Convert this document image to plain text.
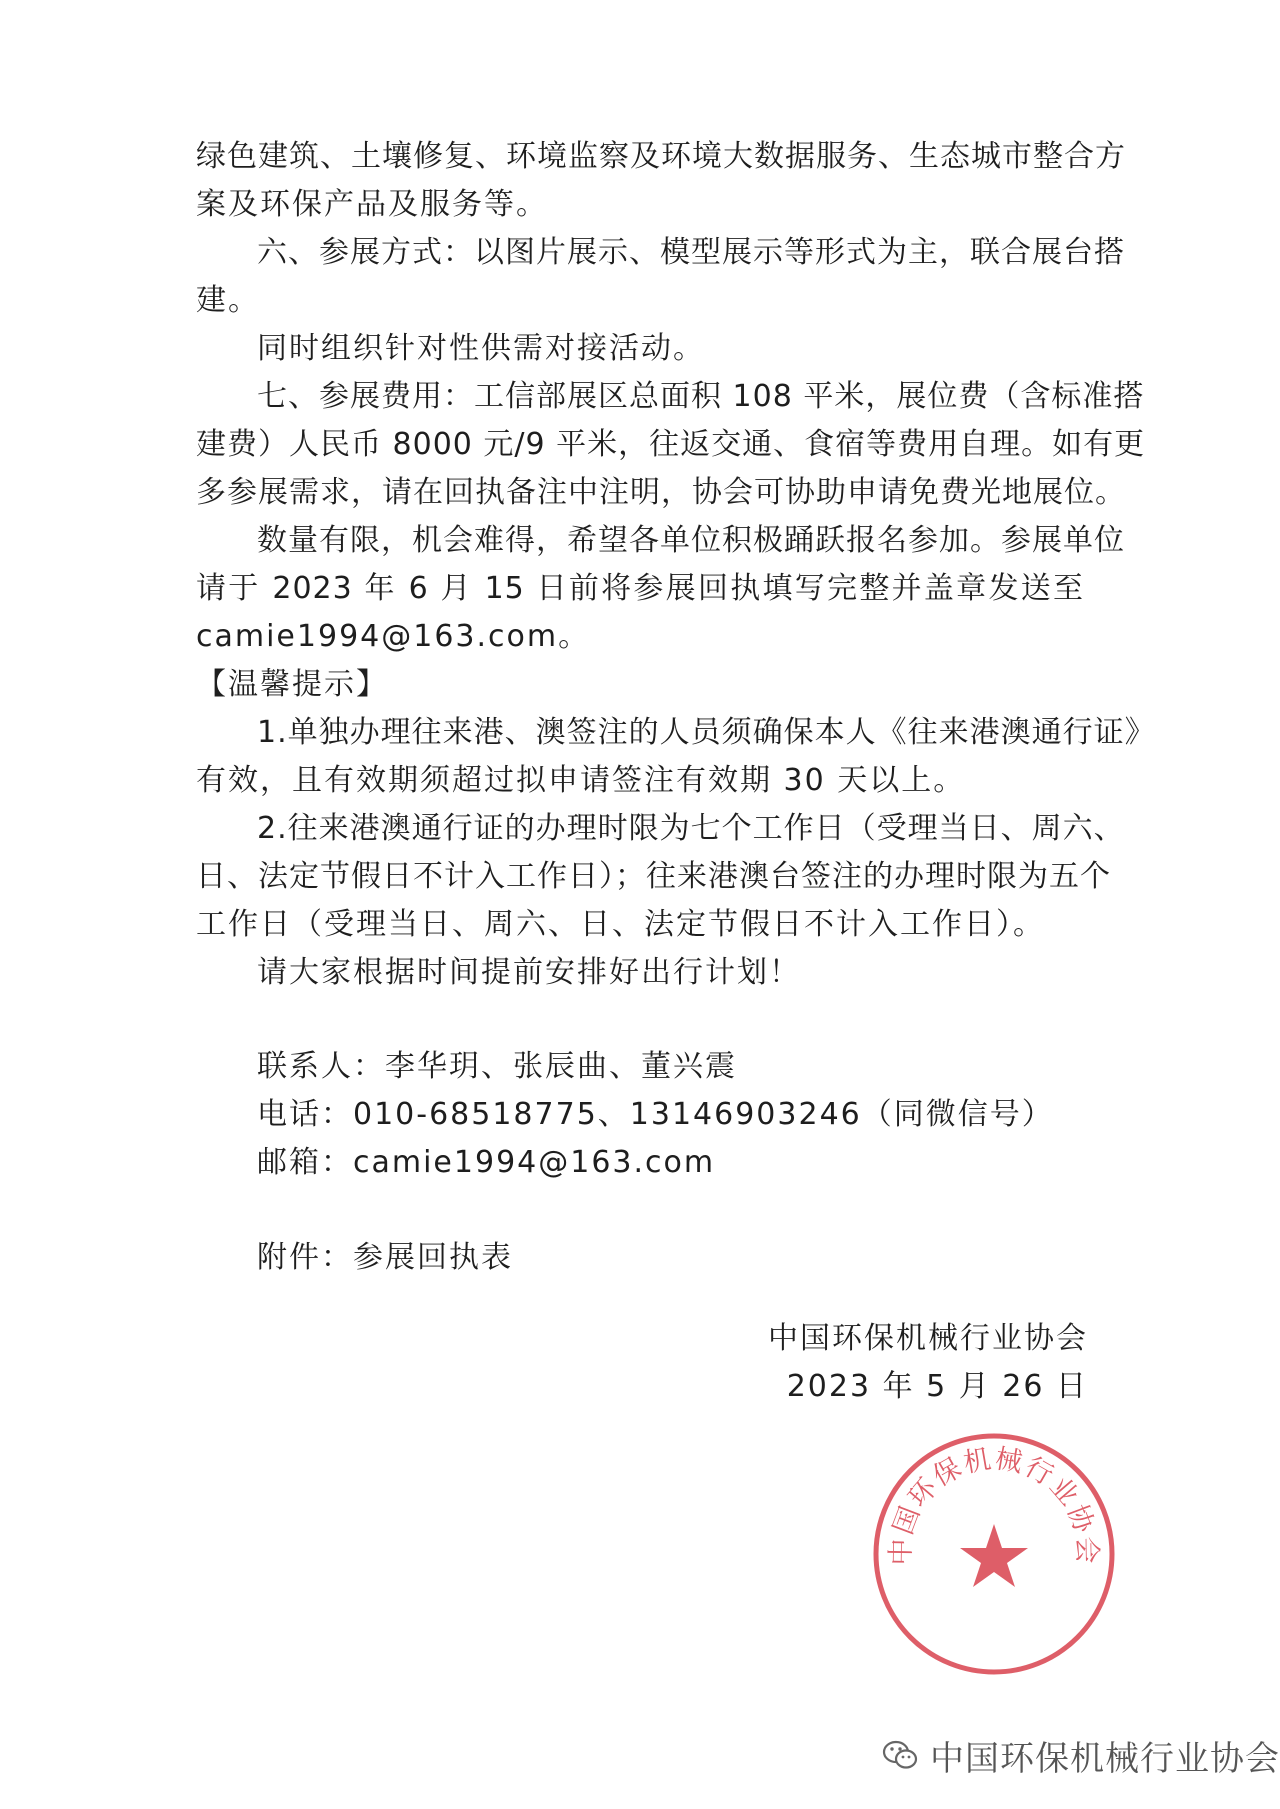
绿色建筑、土壤修复、环境监察及环境大数据服务、生态城市整合方

案及环保产品及服务等。

六、参展方式：以图片展示、模型展示等形式为主，联合展台搭

建。

同时组织针对性供需对接活动。

七、参展费用：工信部展区总面积 108 平米，展位费（含标准搭

建费）人民币 8000 元/9 平米，往返交通、食宿等费用自理。如有更

多参展需求，请在回执备注中注明，协会可协助申请免费光地展位。

数量有限，机会难得，希望各单位积极踊跃报名参加。参展单位

请于 2023 年 6 月 15 日前将参展回执填写完整并盖章发送至

camie1994@163.com。

【温馨提示】

1.单独办理往来港、澳签注的人员须确保本人《往来港澳通行证》

有效，且有效期须超过拟申请签注有效期 30 天以上。

2.往来港澳通行证的办理时限为七个工作日（受理当日、周六、

日、法定节假日不计入工作日）；往来港澳台签注的办理时限为五个

工作日（受理当日、周六、日、法定节假日不计入工作日）。

请大家根据时间提前安排好出行计划！

联系人：李华玥、张辰曲、董兴震

电话：010-68518775、13146903246（同微信号）

邮箱：camie1994@163.com

附件：参展回执表

中国环保机械行业协会

中国环保机械行业协会

2023 年 5 月 26 日

中国环保机械行业协会
